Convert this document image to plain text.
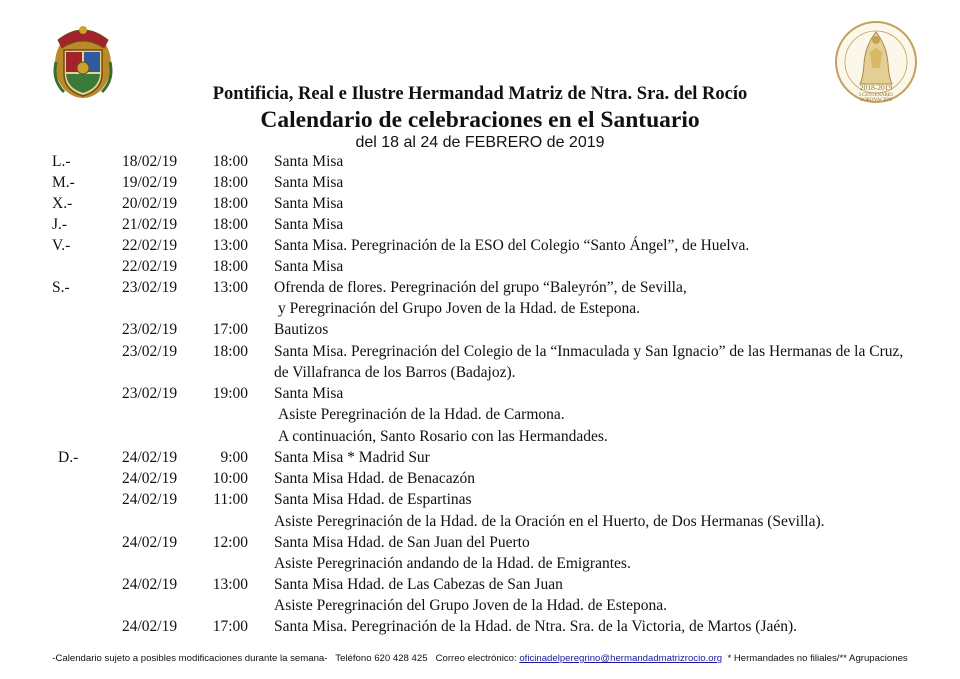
2018-2019
I CENTENARIO
CORONACIÓN
Pontificia, Real e Ilustre Hermandad Matriz de Ntra. Sra. del Rocío
Calendario de celebraciones en el Santuario
del 18 al 24 de FEBRERO de 2019
L.-	18/02/19	18:00 Santa Misa
M.-	19/02/19	18:00 Santa Misa
X.-	20/02/19	18:00 Santa Misa
J.-	21/02/19	18:00 Santa Misa
V.-	22/02/19	13:00 Santa Misa. Peregrinación de la ESO del Colegio “Santo Ángel”, de Huelva.
22/02/19	18:00 Santa Misa
S.-	23/02/19	13:00 Ofrenda de flores. Peregrinación del grupo “Baleyrón”, de Sevilla,
y Peregrinación del Grupo Joven de la Hdad. de Estepona.
23/02/19	17:00 Bautizos
23/02/19	18:00 Santa Misa. Peregrinación del Colegio de la “Inmaculada y San Ignacio” de las Hermanas de la Cruz,
de Villafranca de los Barros (Badajoz).
23/02/19	19:00 Santa Misa
Asiste Peregrinación de la Hdad. de Carmona.
A continuación, Santo Rosario con las Hermandades.
D.-	24/02/19	9:00 Santa Misa * Madrid Sur
24/02/19	10:00 Santa Misa Hdad. de Benacazón
24/02/19	11:00 Santa Misa Hdad. de Espartinas
Asiste Peregrinación de la Hdad. de la Oración en el Huerto, de Dos Hermanas (Sevilla).
24/02/19	12:00 Santa Misa Hdad. de San Juan del Puerto
Asiste Peregrinación andando de la Hdad. de Emigrantes.
24/02/19	13:00 Santa Misa Hdad. de Las Cabezas de San Juan
Asiste Peregrinación del Grupo Joven de la Hdad. de Estepona.
24/02/19	17:00 Santa Misa. Peregrinación de la Hdad. de Ntra. Sra. de la Victoria, de Martos (Jaén).
-Calendario sujeto a posibles modificaciones durante la semana- Teléfono 620 428 425 Correo electrónico: oficinadelperegrino@hermandadmatrizrocio.org * Hermandades no filiales/** Agrupaciones
